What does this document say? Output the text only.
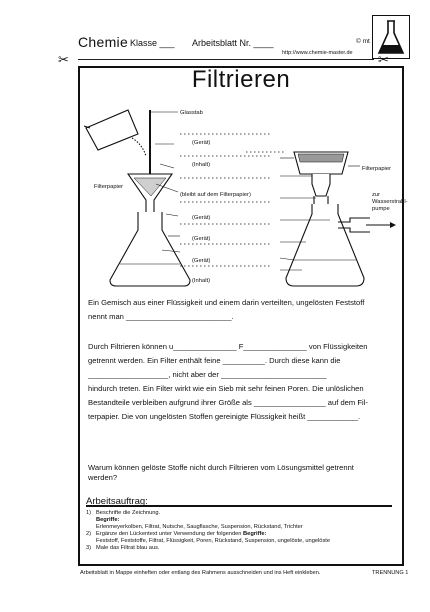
Chemie Klasse ___ Arbeitsblatt Nr. ____	© mt
http://www.chemie-master.de
✂	✂
Filtrieren
Glasstab
(Gerät)
(Inhalt)
Filterpapier
(bleibt auf dem Filterpapier)
(Gerät)
(Gerät)
(Gerät)
(Inhalt)
Filterpapier
zur
Wasserstrahl-
pumpe
Ein Gemisch aus einer Flüssigkeit und einem darin verteilten, ungelösten Feststoff
nennt man _________________________.
Durch Filtrieren können u_______________ F_______________ von Flüssigkeiten
getrennt werden. Ein Filter enthält feine __________. Durch diese kann die
___________________, nicht aber der _________________________
hindurch treten. Ein Filter wirkt wie ein Sieb mit sehr feinen Poren. Die unlöslichen
Bestandteile verbleiben aufgrund ihrer Größe als _________________ auf dem Fil-
terpapier. Die von ungelösten Stoffen gereinigte Flüssigkeit heißt ____________.
Warum können gelöste Stoffe nicht durch Filtrieren vom Lösungsmittel getrennt
werden?
Arbeitsauftrag:
1) Beschrifte die Zeichnung.
Begriffe:
Erlenmeyerkolben, Filtrat, Nutsche, Saugflasche, Suspension, Rückstand, Trichter
2) Ergänze den Lückentext unter Verwendung der folgenden Begriffe:
Feststoff, Feststoffe, Filtrat, Flüssigkeit, Poren, Rückstand, Suspension, ungelöste, ungelöste
3) Male das Filtrat blau aus.
Arbeitsblatt in Mappe einheften oder entlang des Rahmens ausschneiden und ins Heft einkleben.	TRENNUNG 1
